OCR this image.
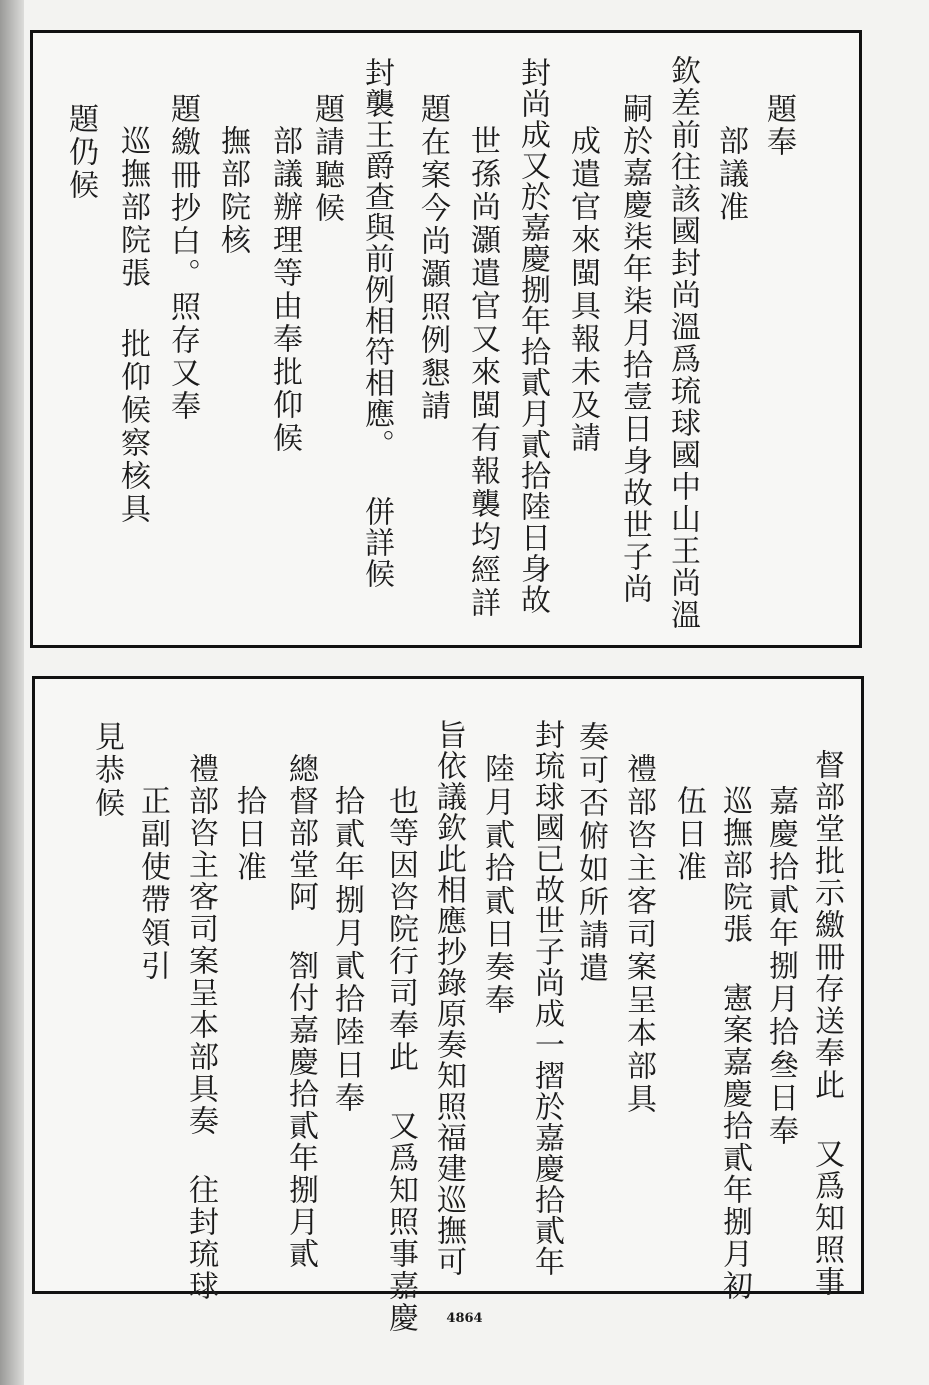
題奉
部議准
欽差前往該國封尚溫爲琉球國中山王尚溫
嗣於嘉慶柒年柒月拾壹日身故世子尚
成遣官來閩具報未及請
封尚成又於嘉慶捌年拾貳月貳拾陸日身故
世孫尚灝遣官又來閩有報襲均經詳
題在案今尚灝照例懇請
封襲王爵查與前例相符相應。 併詳候
題請聽候
部議辦理等由奉批仰候
撫部院核
題繳冊抄白。照存又奉
巡撫部院張 批仰候察核具
題仍候
督部堂批示繳冊存送奉此 又爲知照事
嘉慶拾貳年捌月拾叄日奉
巡撫部院張 憲案嘉慶拾貳年捌月初
伍日准
禮部咨主客司案呈本部具
奏可否俯如所請遣
封琉球國已故世子尚成一摺於嘉慶拾貳年
陸月貳拾貳日奏奉
旨依議欽此相應抄錄原奏知照福建巡撫可
也等因咨院行司奉此 又爲知照事嘉慶
拾貳年捌月貳拾陸日奉
總督部堂阿 劄付嘉慶拾貳年捌月貳
拾日准
禮部咨主客司案呈本部具奏 往封琉球
正副使帶領引
見恭候
4864
